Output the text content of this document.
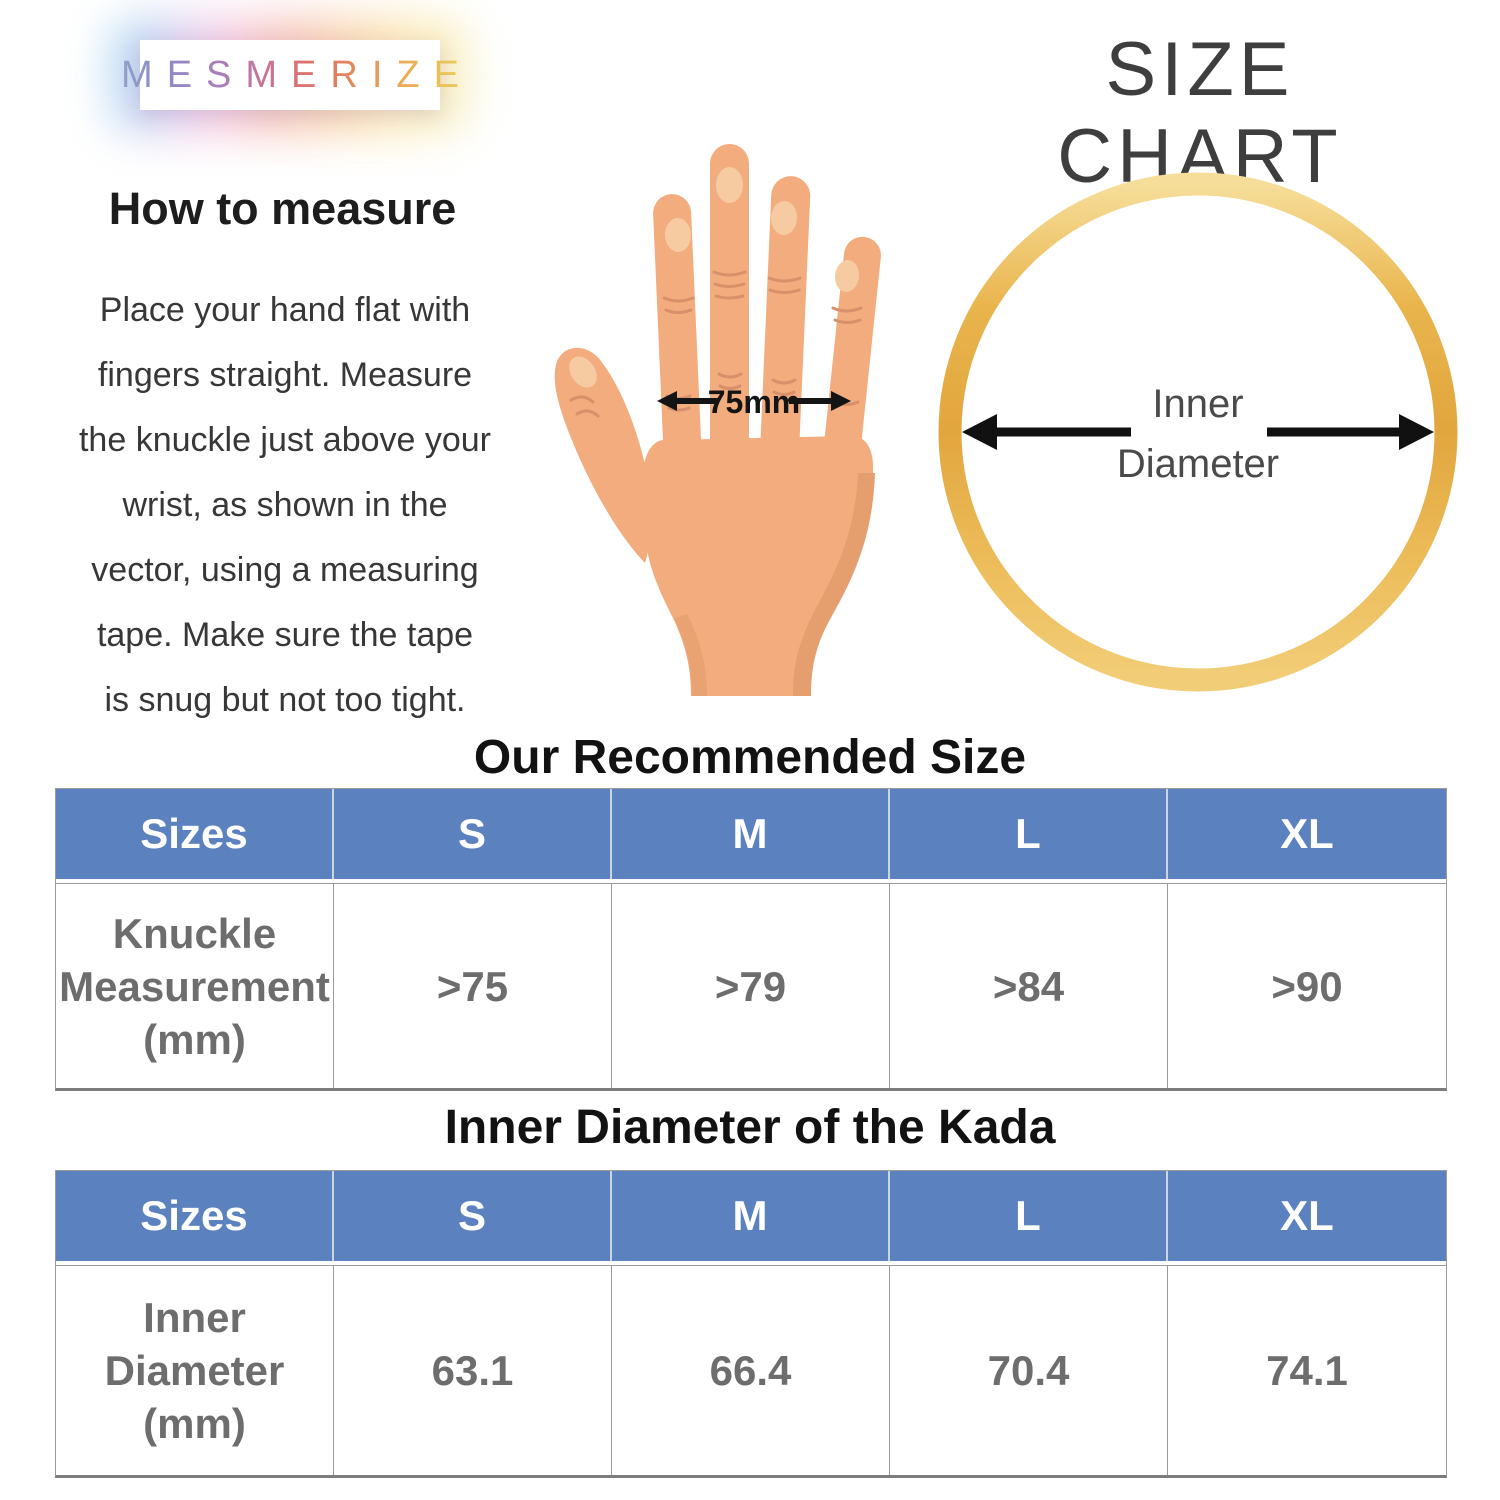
MESMERIZE	SIZE CHART
How to measure
Place your hand flat with
fingers straight. Measure
the knuckle just above your
wrist, as shown in the
vector, using a measuring
tape. Make sure the tape
is snug but not too tight.
75mm	Inner
Diameter
Our Recommended Size
Sizes	S	M	L	XL
Knuckle
Measurement
(mm)
>75	>79	>84	>90
Inner Diameter of the Kada
Sizes	S	M	L	XL
Inner
Diameter
(mm)
63.1	66.4	70.4	74.1
